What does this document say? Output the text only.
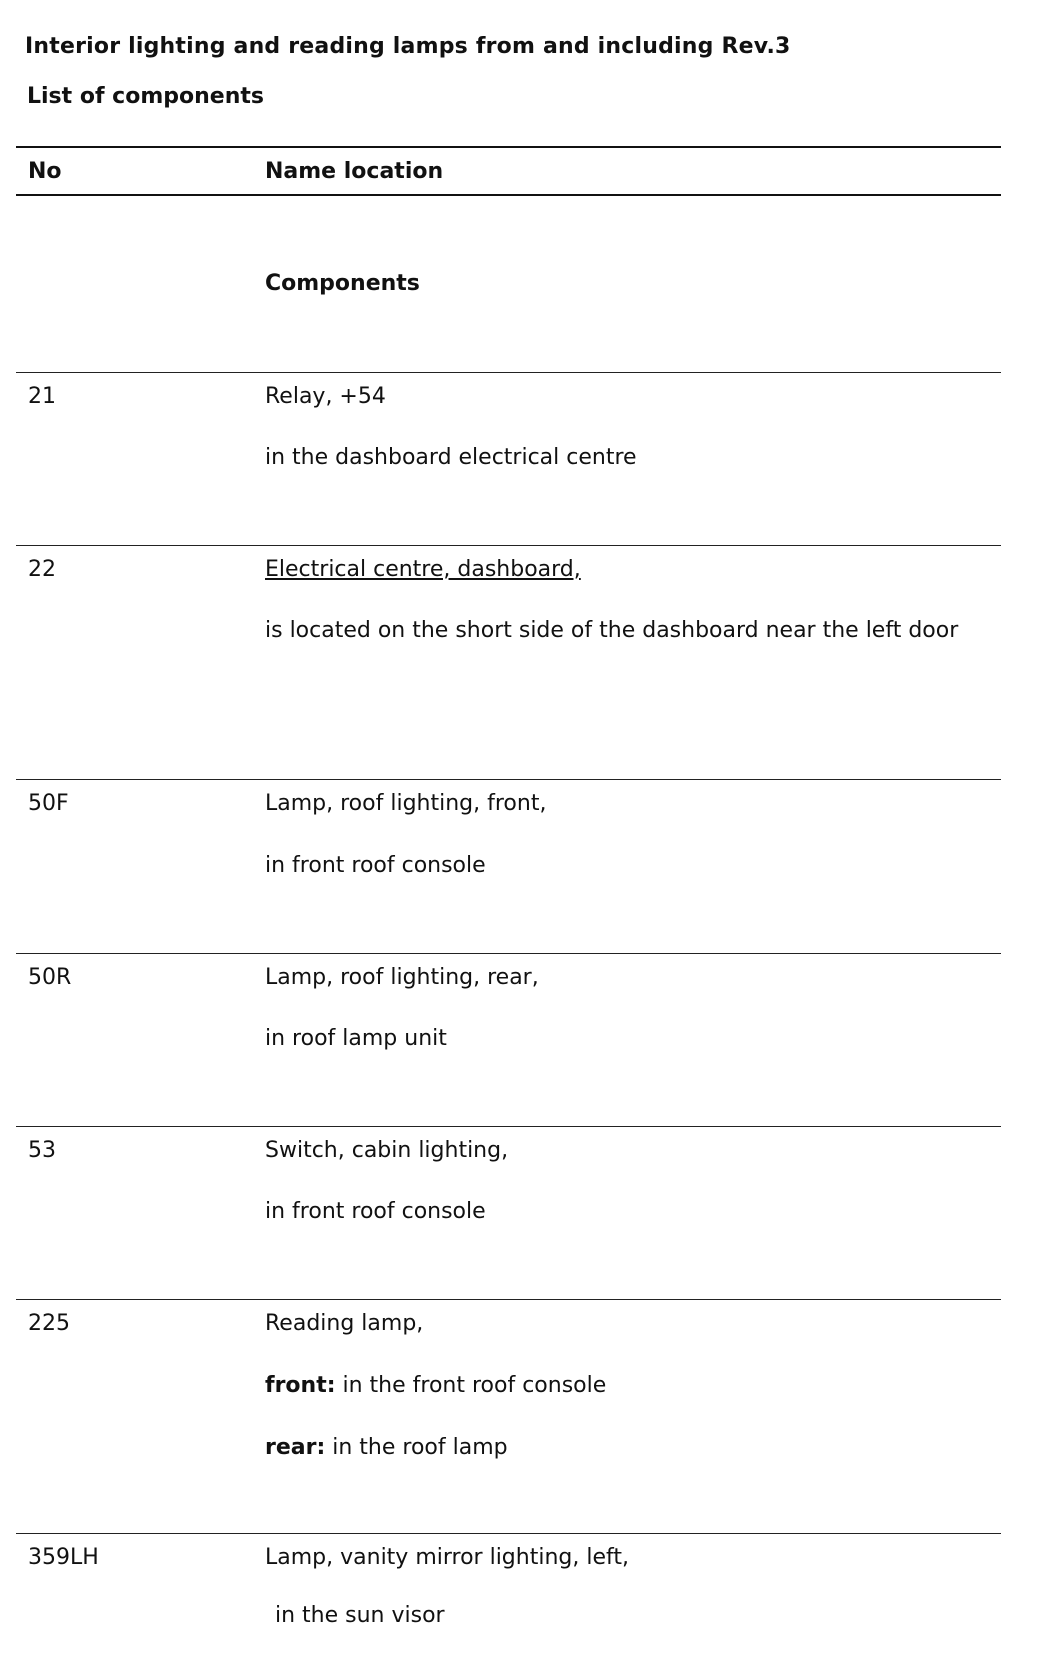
Interior lighting and reading lamps from and including Rev.3
List of components
No	Name location
Components
21	Relay, +54
in the dashboard electrical centre
22	Electrical centre, dashboard,
is located on the short side of the dashboard near the left door
50F	Lamp, roof lighting, front,
in front roof console
50R	Lamp, roof lighting, rear,
in roof lamp unit
53	Switch, cabin lighting,
in front roof console
225	Reading lamp,
front: in the front roof console
rear: in the roof lamp
359LH	Lamp, vanity mirror lighting, left,
in the sun visor
